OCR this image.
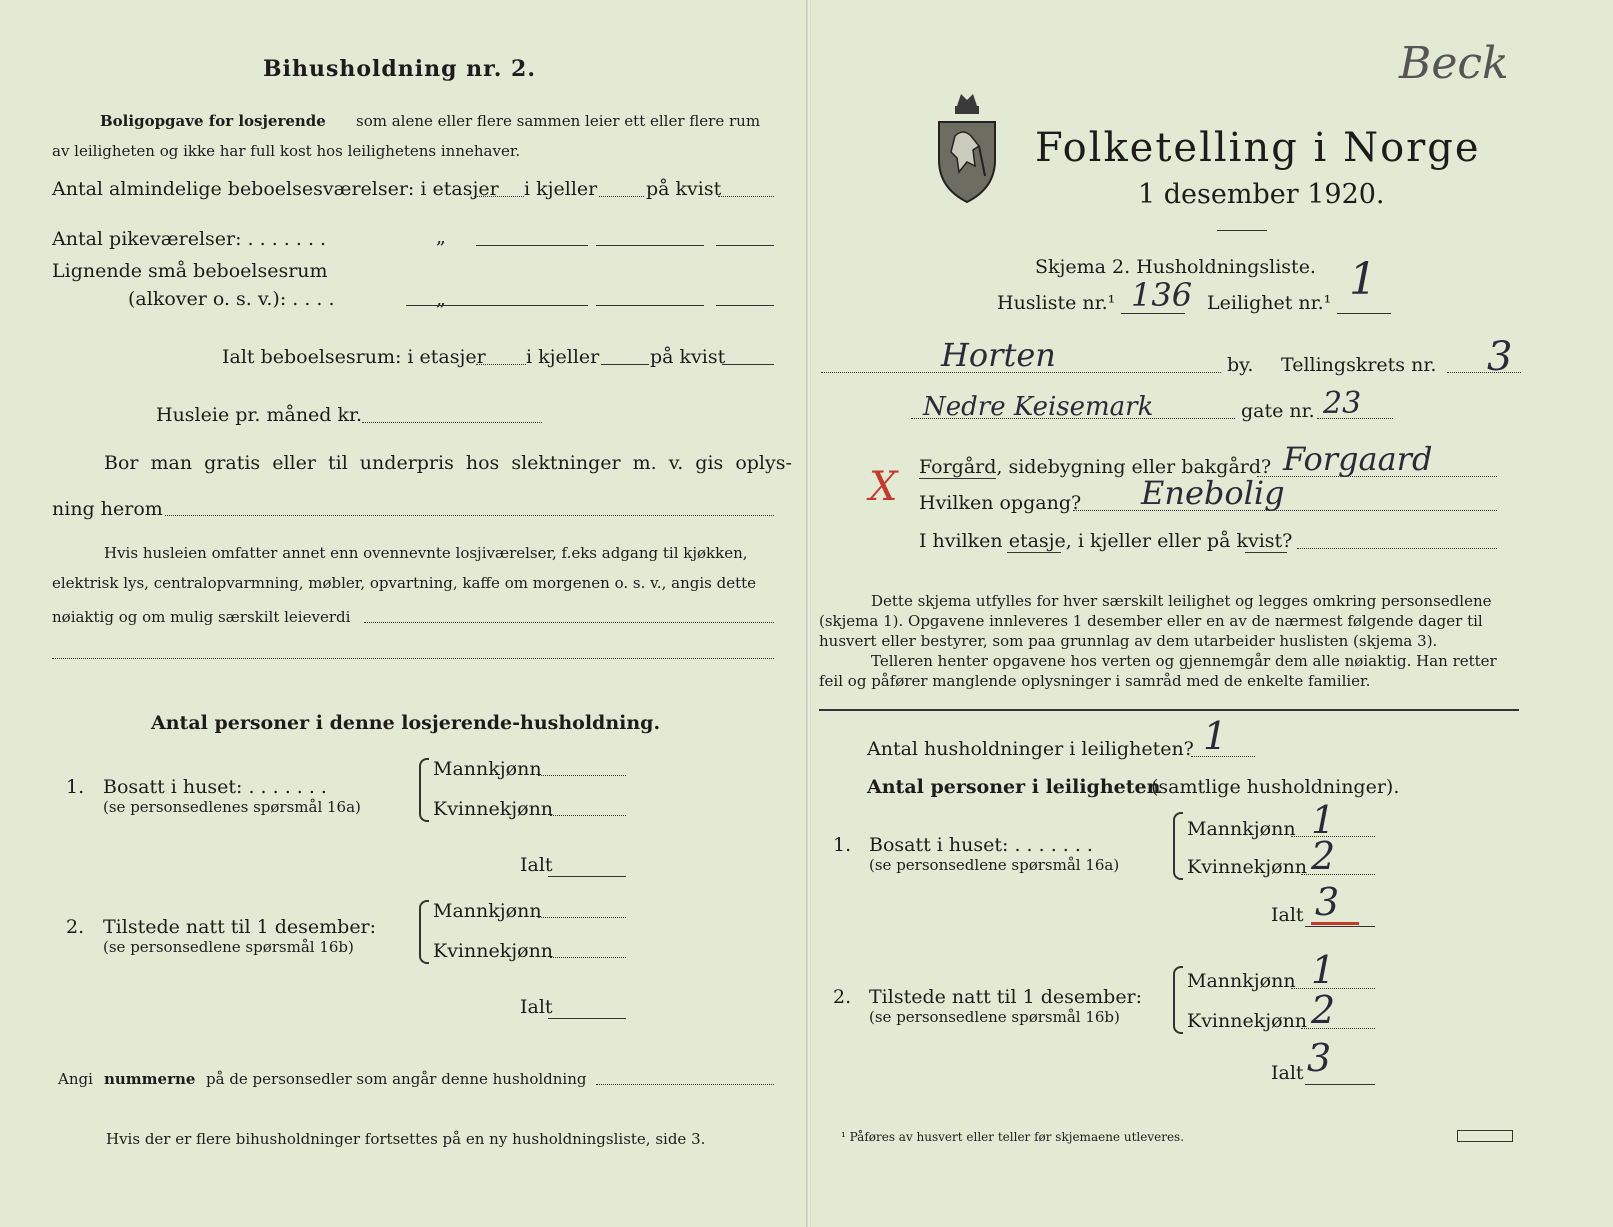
Bihusholdning nr. 2.
Boligopgave for losjerende som alene eller flere sammen leier ett eller flere rum
av leiligheten og ikke har full kost hos leilighetens innehaver.
Antal almindelige beboelsesværelser: i etasjer i kjeller	på kvist
Antal pikeværelser: . . . . . . .	„
Lignende små beboelsesrum
(alkover o. s. v.): . . . .	„
Ialt beboelsesrum: i etasjer i kjeller	på kvist
Husleie pr. måned kr.
Bor man gratis eller til underpris hos slektninger m. v. gis oplys-
ning herom
Hvis husleien omfatter annet enn ovennevnte losjiværelser, f.eks adgang til kjøkken,
elektrisk lys, centralopvarmning, møbler, opvartning, kaffe om morgenen o. s. v., angis dette
nøiaktig og om mulig særskilt leieverdi
Antal personer i denne losjerende-husholdning.
1. Bosatt i huset: . . . . . . .
(se personsedlenes spørsmål 16a)
Mannkjønn
Kvinnekjønn
Ialt
2. Tilstede natt til 1 desember:
(se personsedlene spørsmål 16b)
Mannkjønn
Kvinnekjønn
Ialt
Angi nummerne på de personsedler som angår denne husholdning
Hvis der er flere bihusholdninger fortsettes på en ny husholdningsliste, side 3.
Beck
Folketelling i Norge
1 desember 1920.
Skjema 2. Husholdningsliste.
Husliste nr.¹ 136 Leilighet nr.¹ 1
Horten	by. Tellingskrets nr. 3
Nedre Keisemark	gate nr. 23
X Forgård, sidebygning eller bakgård? Forgaard
Hvilken opgang? Enebolig
I hvilken etasje, i kjeller eller på kvist?
Dette skjema utfylles for hver særskilt leilighet og legges omkring personsedlene
(skjema 1). Opgavene innleveres 1 desember eller en av de nærmest følgende dager til
husvert eller bestyrer, som paa grunnlag av dem utarbeider huslisten (skjema 3).
Telleren henter opgavene hos verten og gjennemgår dem alle nøiaktig. Han retter
feil og påfører manglende oplysninger i samråd med de enkelte familier.
Antal husholdninger i leiligheten? 1
Antal personer i leiligheten
(samtlige husholdninger).
1. Bosatt i huset: . . . . . . .
(se personsedlene spørsmål 16a)
Mannkjønn 1
Kvinnekjønn 2
Ialt 3
2. Tilstede natt til 1 desember:
(se personsedlene spørsmål 16b)
Mannkjønn 1
Kvinnekjønn 2
Ialt 3
¹ Påføres av husvert eller teller før skjemaene utleveres.
